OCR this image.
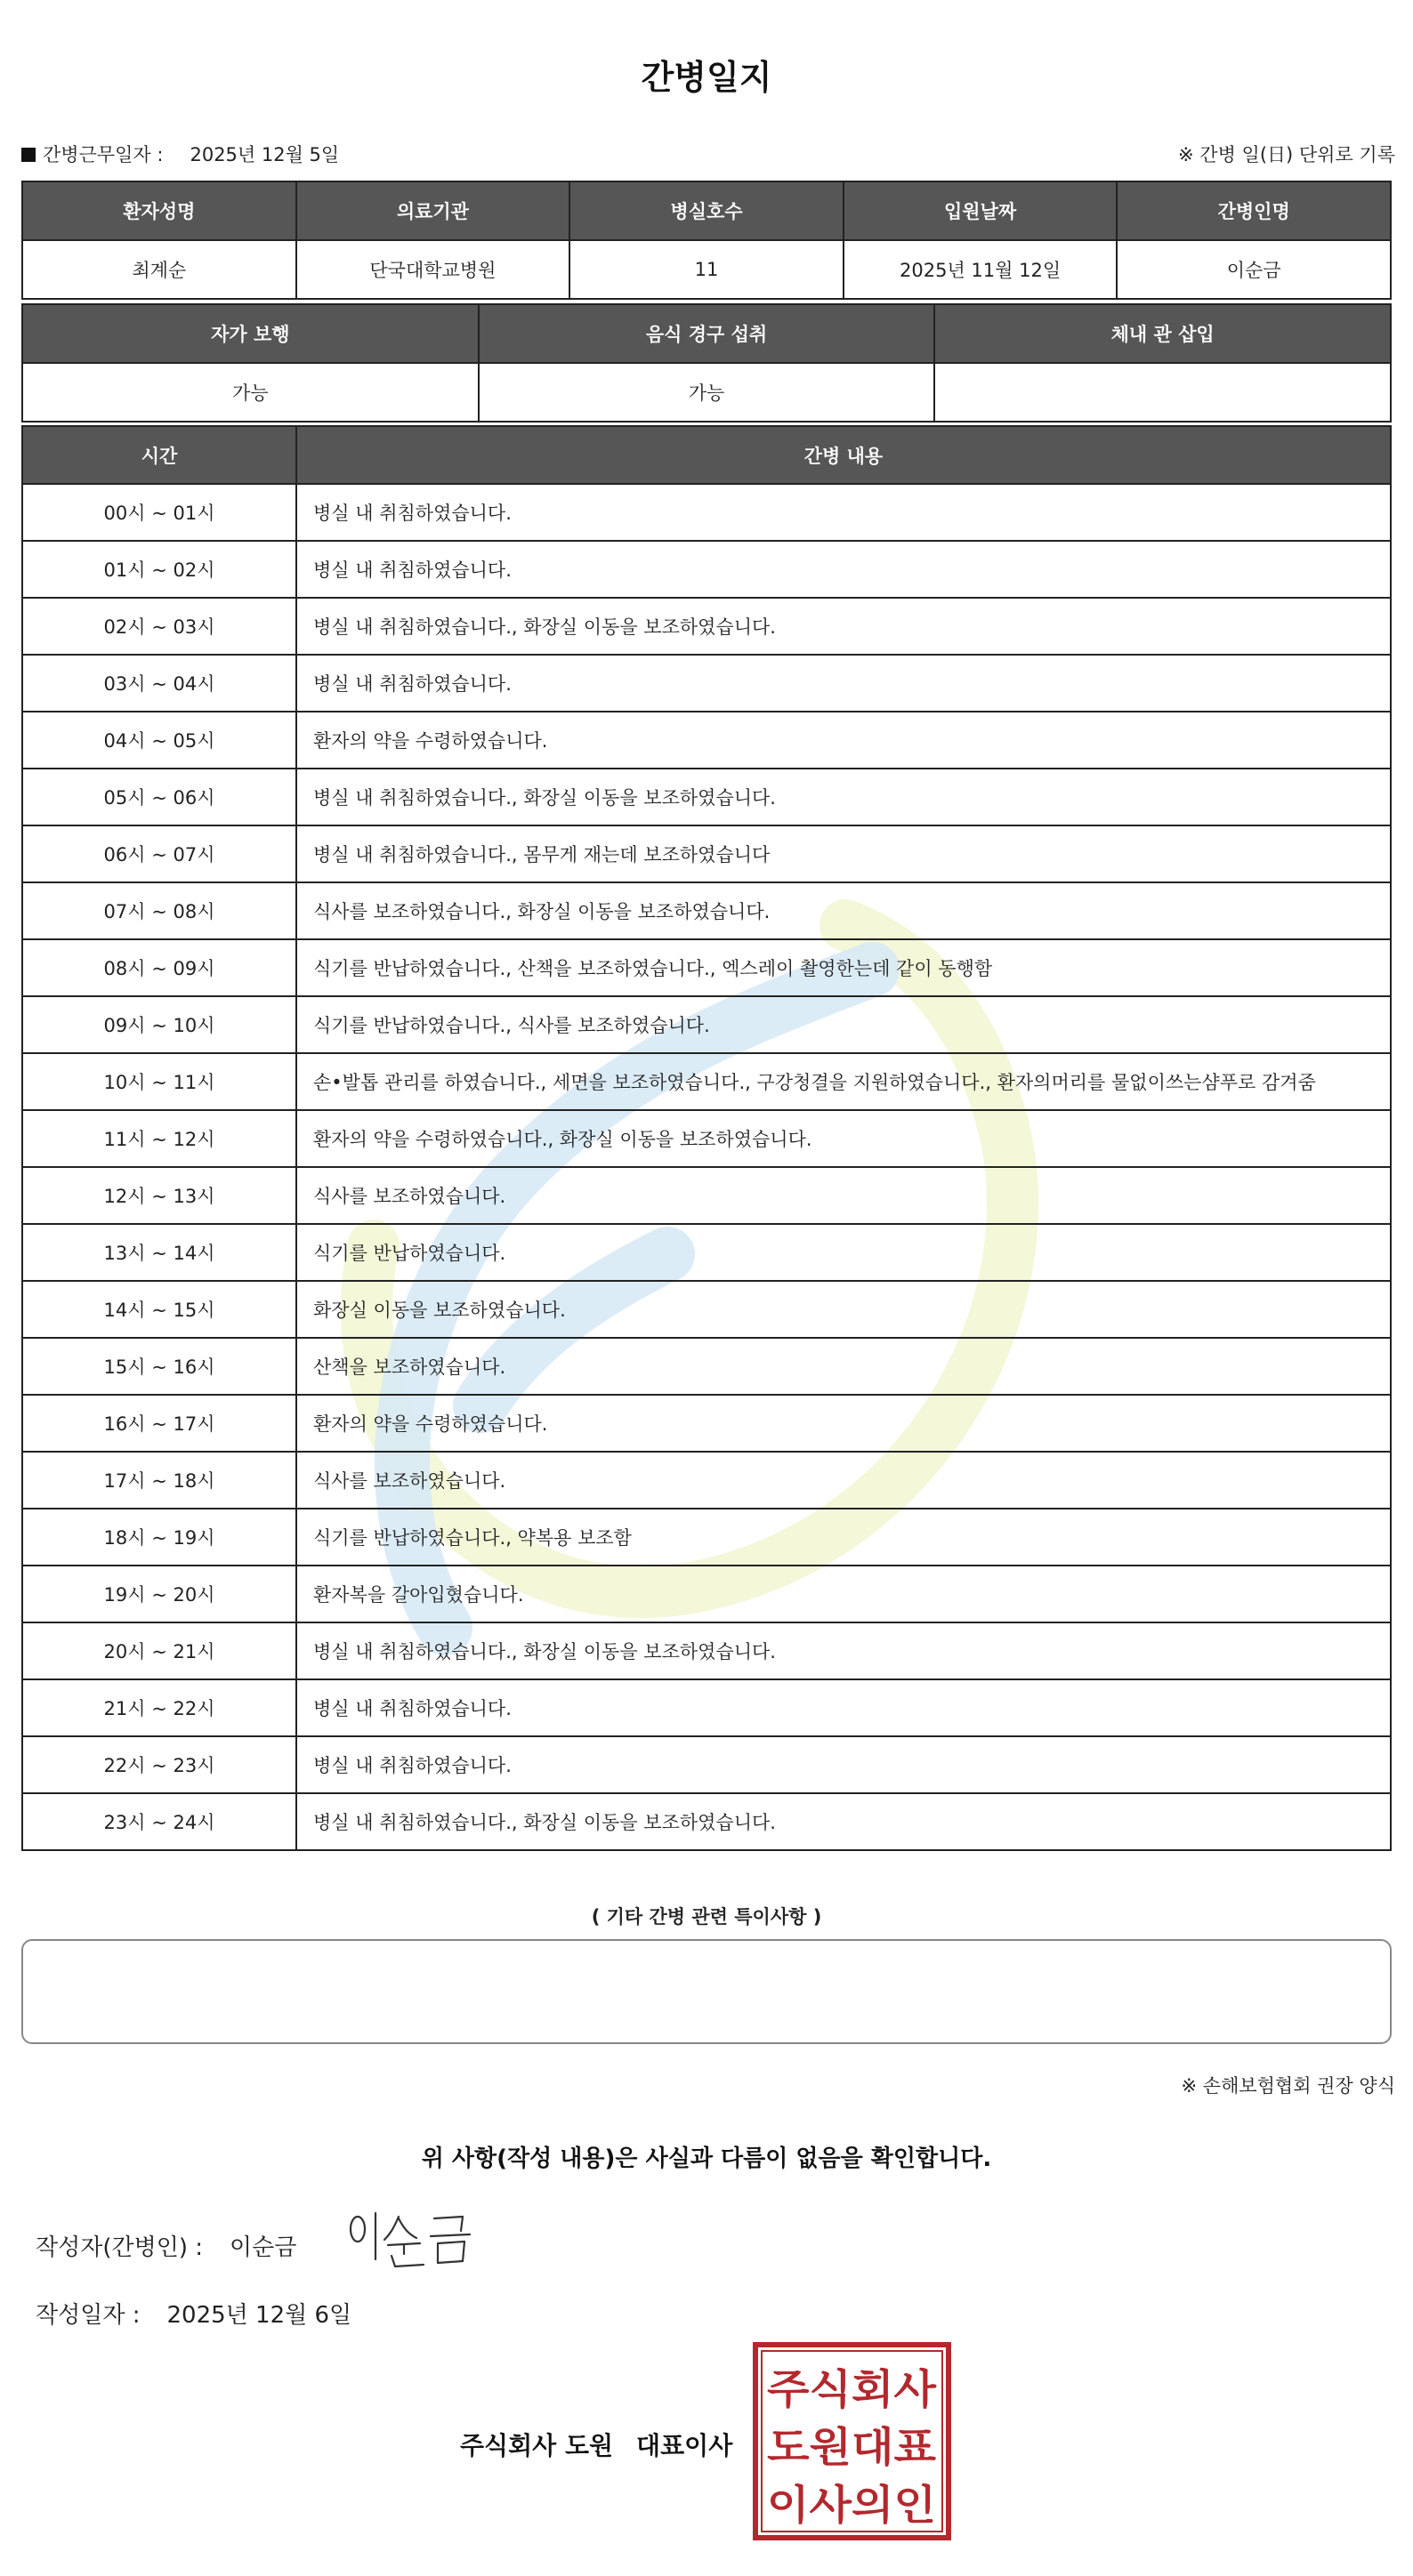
간병일지
간병근무일자 : 2025년 12월 5일	※ 간병 일(日) 단위로 기록
환자성명	의료기관	병실호수	입원날짜	간병인명
최계순	단국대학교병원	11	2025년 11월 12일	이순금
자가 보행	음식 경구 섭취	체내 관 삽입
가능	가능	
시간	간병 내용
00시 ~ 01시	병실 내 취침하였습니다.
01시 ~ 02시	병실 내 취침하였습니다.
02시 ~ 03시	병실 내 취침하였습니다., 화장실 이동을 보조하였습니다.
03시 ~ 04시	병실 내 취침하였습니다.
04시 ~ 05시	환자의 약을 수령하였습니다.
05시 ~ 06시	병실 내 취침하였습니다., 화장실 이동을 보조하였습니다.
06시 ~ 07시	병실 내 취침하였습니다., 몸무게 재는데 보조하였습니다
07시 ~ 08시	식사를 보조하였습니다., 화장실 이동을 보조하였습니다.
08시 ~ 09시	식기를 반납하였습니다., 산책을 보조하였습니다., 엑스레이 촬영한는데 같이 동행함
09시 ~ 10시	식기를 반납하였습니다., 식사를 보조하였습니다.
10시 ~ 11시	손•발톱 관리를 하였습니다., 세면을 보조하였습니다., 구강청결을 지원하였습니다., 환자의머리를 물없이쓰는샴푸로 감겨줌
11시 ~ 12시	환자의 약을 수령하였습니다., 화장실 이동을 보조하였습니다.
12시 ~ 13시	식사를 보조하였습니다.
13시 ~ 14시	식기를 반납하였습니다.
14시 ~ 15시	화장실 이동을 보조하였습니다.
15시 ~ 16시	산책을 보조하였습니다.
16시 ~ 17시	환자의 약을 수령하였습니다.
17시 ~ 18시	식사를 보조하였습니다.
18시 ~ 19시	식기를 반납하였습니다., 약복용 보조함
19시 ~ 20시	환자복을 갈아입혔습니다.
20시 ~ 21시	병실 내 취침하였습니다., 화장실 이동을 보조하였습니다.
21시 ~ 22시	병실 내 취침하였습니다.
22시 ~ 23시	병실 내 취침하였습니다.
23시 ~ 24시	병실 내 취침하였습니다., 화장실 이동을 보조하였습니다.
( 기타 간병 관련 특이사항 )
※ 손해보험협회 권장 양식
위 사항(작성 내용)은 사실과 다름이 없음을 확인합니다.
작성자(간병인) : 이순금
작성일자 : 2025년 12월 6일
주식회사 도원 대표이사
주식회사
도원대표
이사의인
